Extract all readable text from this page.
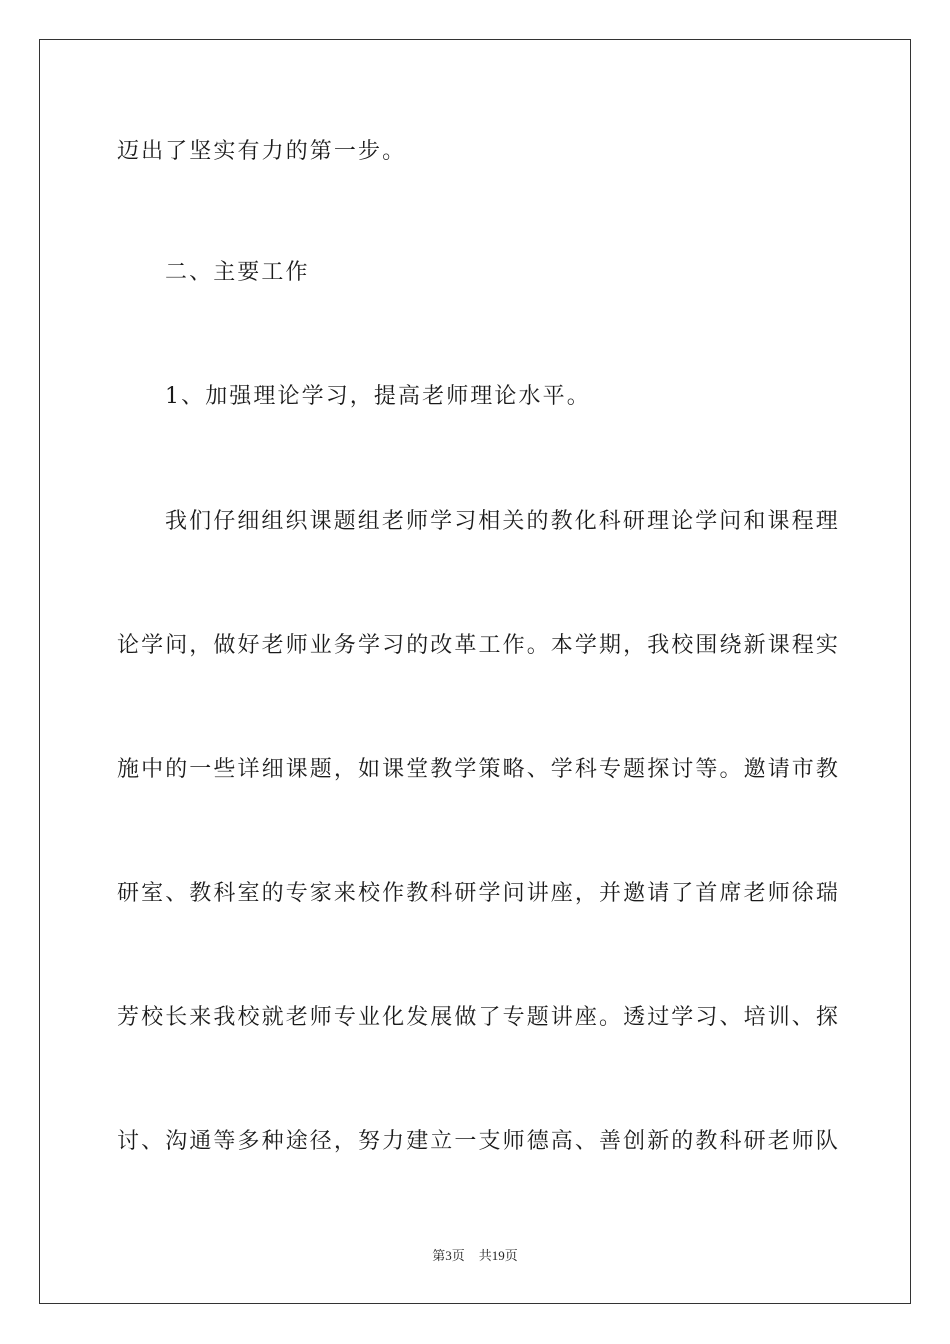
迈出了坚实有力的第一步。
二、主要工作
1、加强理论学习，提高老师理论水平。
我们仔细组织课题组老师学习相关的教化科研理论学问和课程理
论学问，做好老师业务学习的改革工作。本学期，我校围绕新课程实
施中的一些详细课题，如课堂教学策略、学科专题探讨等。邀请市教
研室、教科室的专家来校作教科研学问讲座，并邀请了首席老师徐瑞
芳校长来我校就老师专业化发展做了专题讲座。透过学习、培训、探
讨、沟通等多种途径，努力建立一支师德高、善创新的教科研老师队
第3页 共19页
